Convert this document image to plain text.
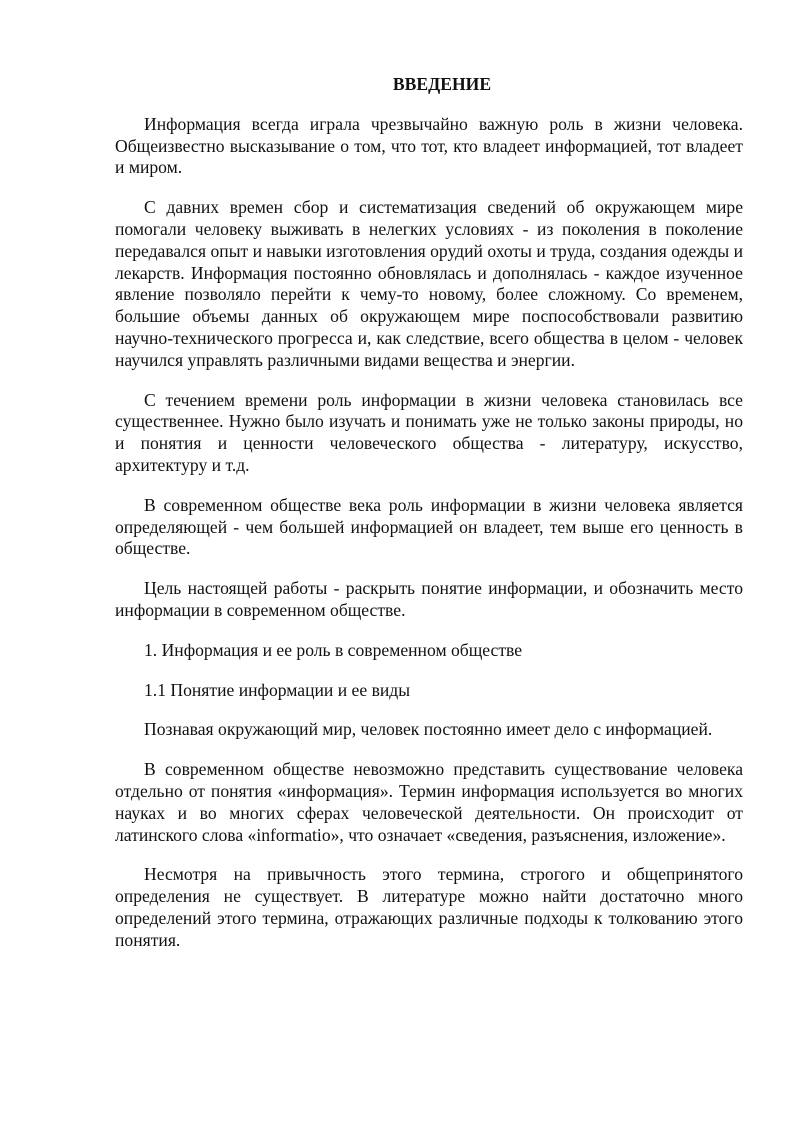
ВВЕДЕНИЕ

Информация всегда играла чрезвычайно важную роль в жизни человека. Общеизвестно высказывание о том, что тот, кто владеет информацией, тот владеет и миром.

С давних времен сбор и систематизация сведений об окружающем мире помогали человеку выживать в нелегких условиях - из поколения в поколение передавался опыт и навыки изготовления орудий охоты и труда, создания одежды и лекарств. Информация постоянно обновлялась и дополнялась - каждое изученное явление позволяло перейти к чему-то новому, более сложному. Со временем, большие объемы данных об окружающем мире поспособствовали развитию научно-технического прогресса и, как следствие, всего общества в целом - человек научился управлять различными видами вещества и энергии.

С течением времени роль информации в жизни человека становилась все существеннее. Нужно было изучать и понимать уже не только законы природы, но и понятия и ценности человеческого общества - литературу, искусство, архитектуру и т.д.

В современном обществе века роль информации в жизни человека является определяющей - чем большей информацией он владеет, тем выше его ценность в обществе.

Цель настоящей работы - раскрыть понятие информации, и обозначить место информации в современном обществе.

1. Информация и ее роль в современном обществе

1.1 Понятие информации и ее виды

Познавая окружающий мир, человек постоянно имеет дело с информацией.

В современном обществе невозможно представить существование человека отдельно от понятия «информация». Термин информация используется во многих науках и во многих сферах человеческой деятельности. Он происходит от латинского слова «informatio», что означает «сведения, разъяснения, изложение».

Несмотря на привычность этого термина, строгого и общепринятого определения не существует. В литературе можно найти достаточно много определений этого термина, отражающих различные подходы к толкованию этого понятия.
